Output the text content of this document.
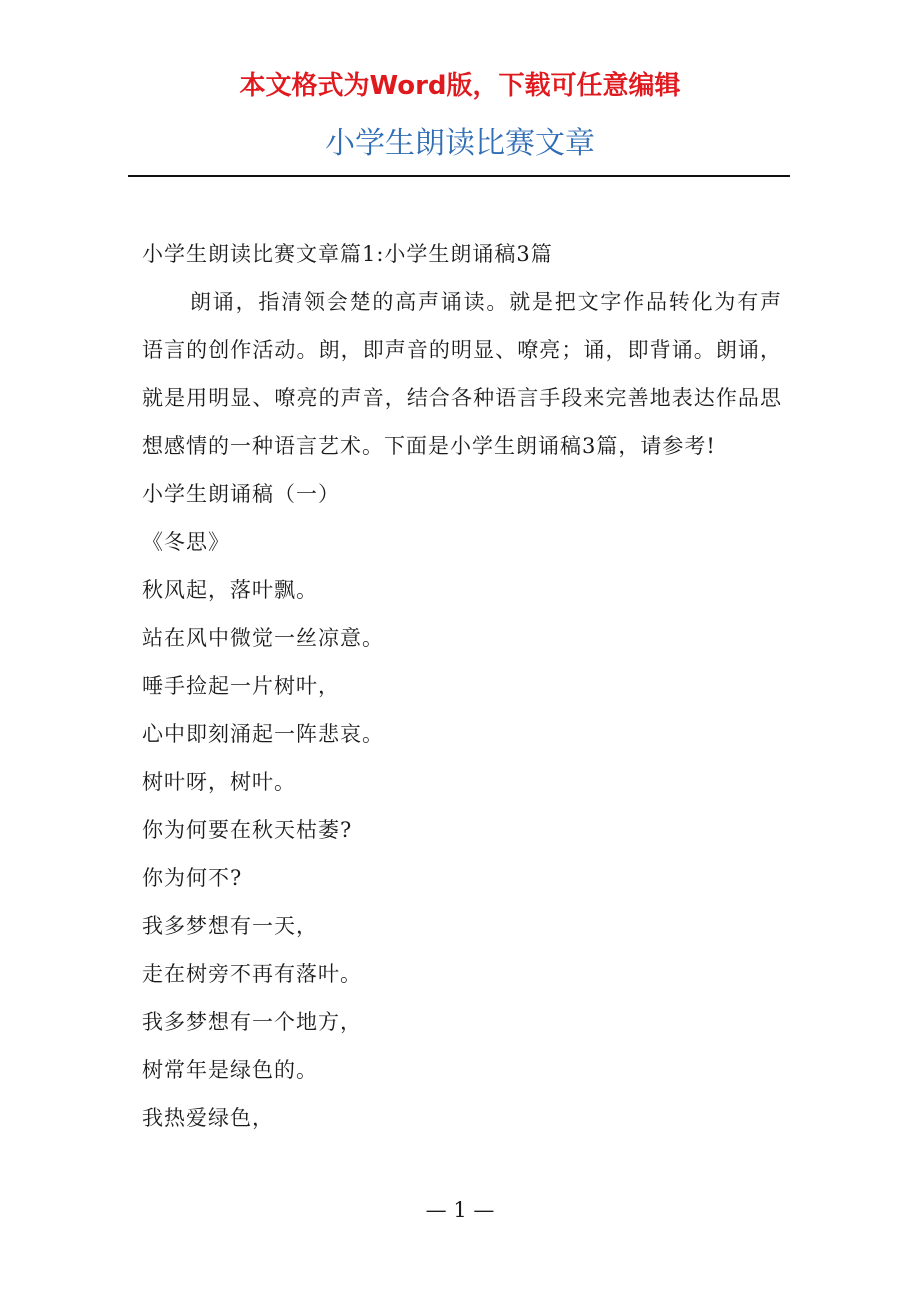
本文格式为Word版，下载可任意编辑
小学生朗读比赛文章

小学生朗读比赛文章篇1:小学生朗诵稿3篇

朗诵，指清领会楚的高声诵读。就是把文字作品转化为有声语言的创作活动。朗，即声音的明显、嘹亮；诵，即背诵。朗诵，就是用明显、嘹亮的声音，结合各种语言手段来完善地表达作品思想感情的一种语言艺术。下面是小学生朗诵稿3篇，请参考!

小学生朗诵稿（一）

《冬思》

秋风起，落叶飘。

站在风中微觉一丝凉意。

唾手捡起一片树叶，

心中即刻涌起一阵悲哀。

树叶呀，树叶。

你为何要在秋天枯萎?

你为何不?

我多梦想有一天，

走在树旁不再有落叶。

我多梦想有一个地方，

树常年是绿色的。

我热爱绿色，

— 1 —
